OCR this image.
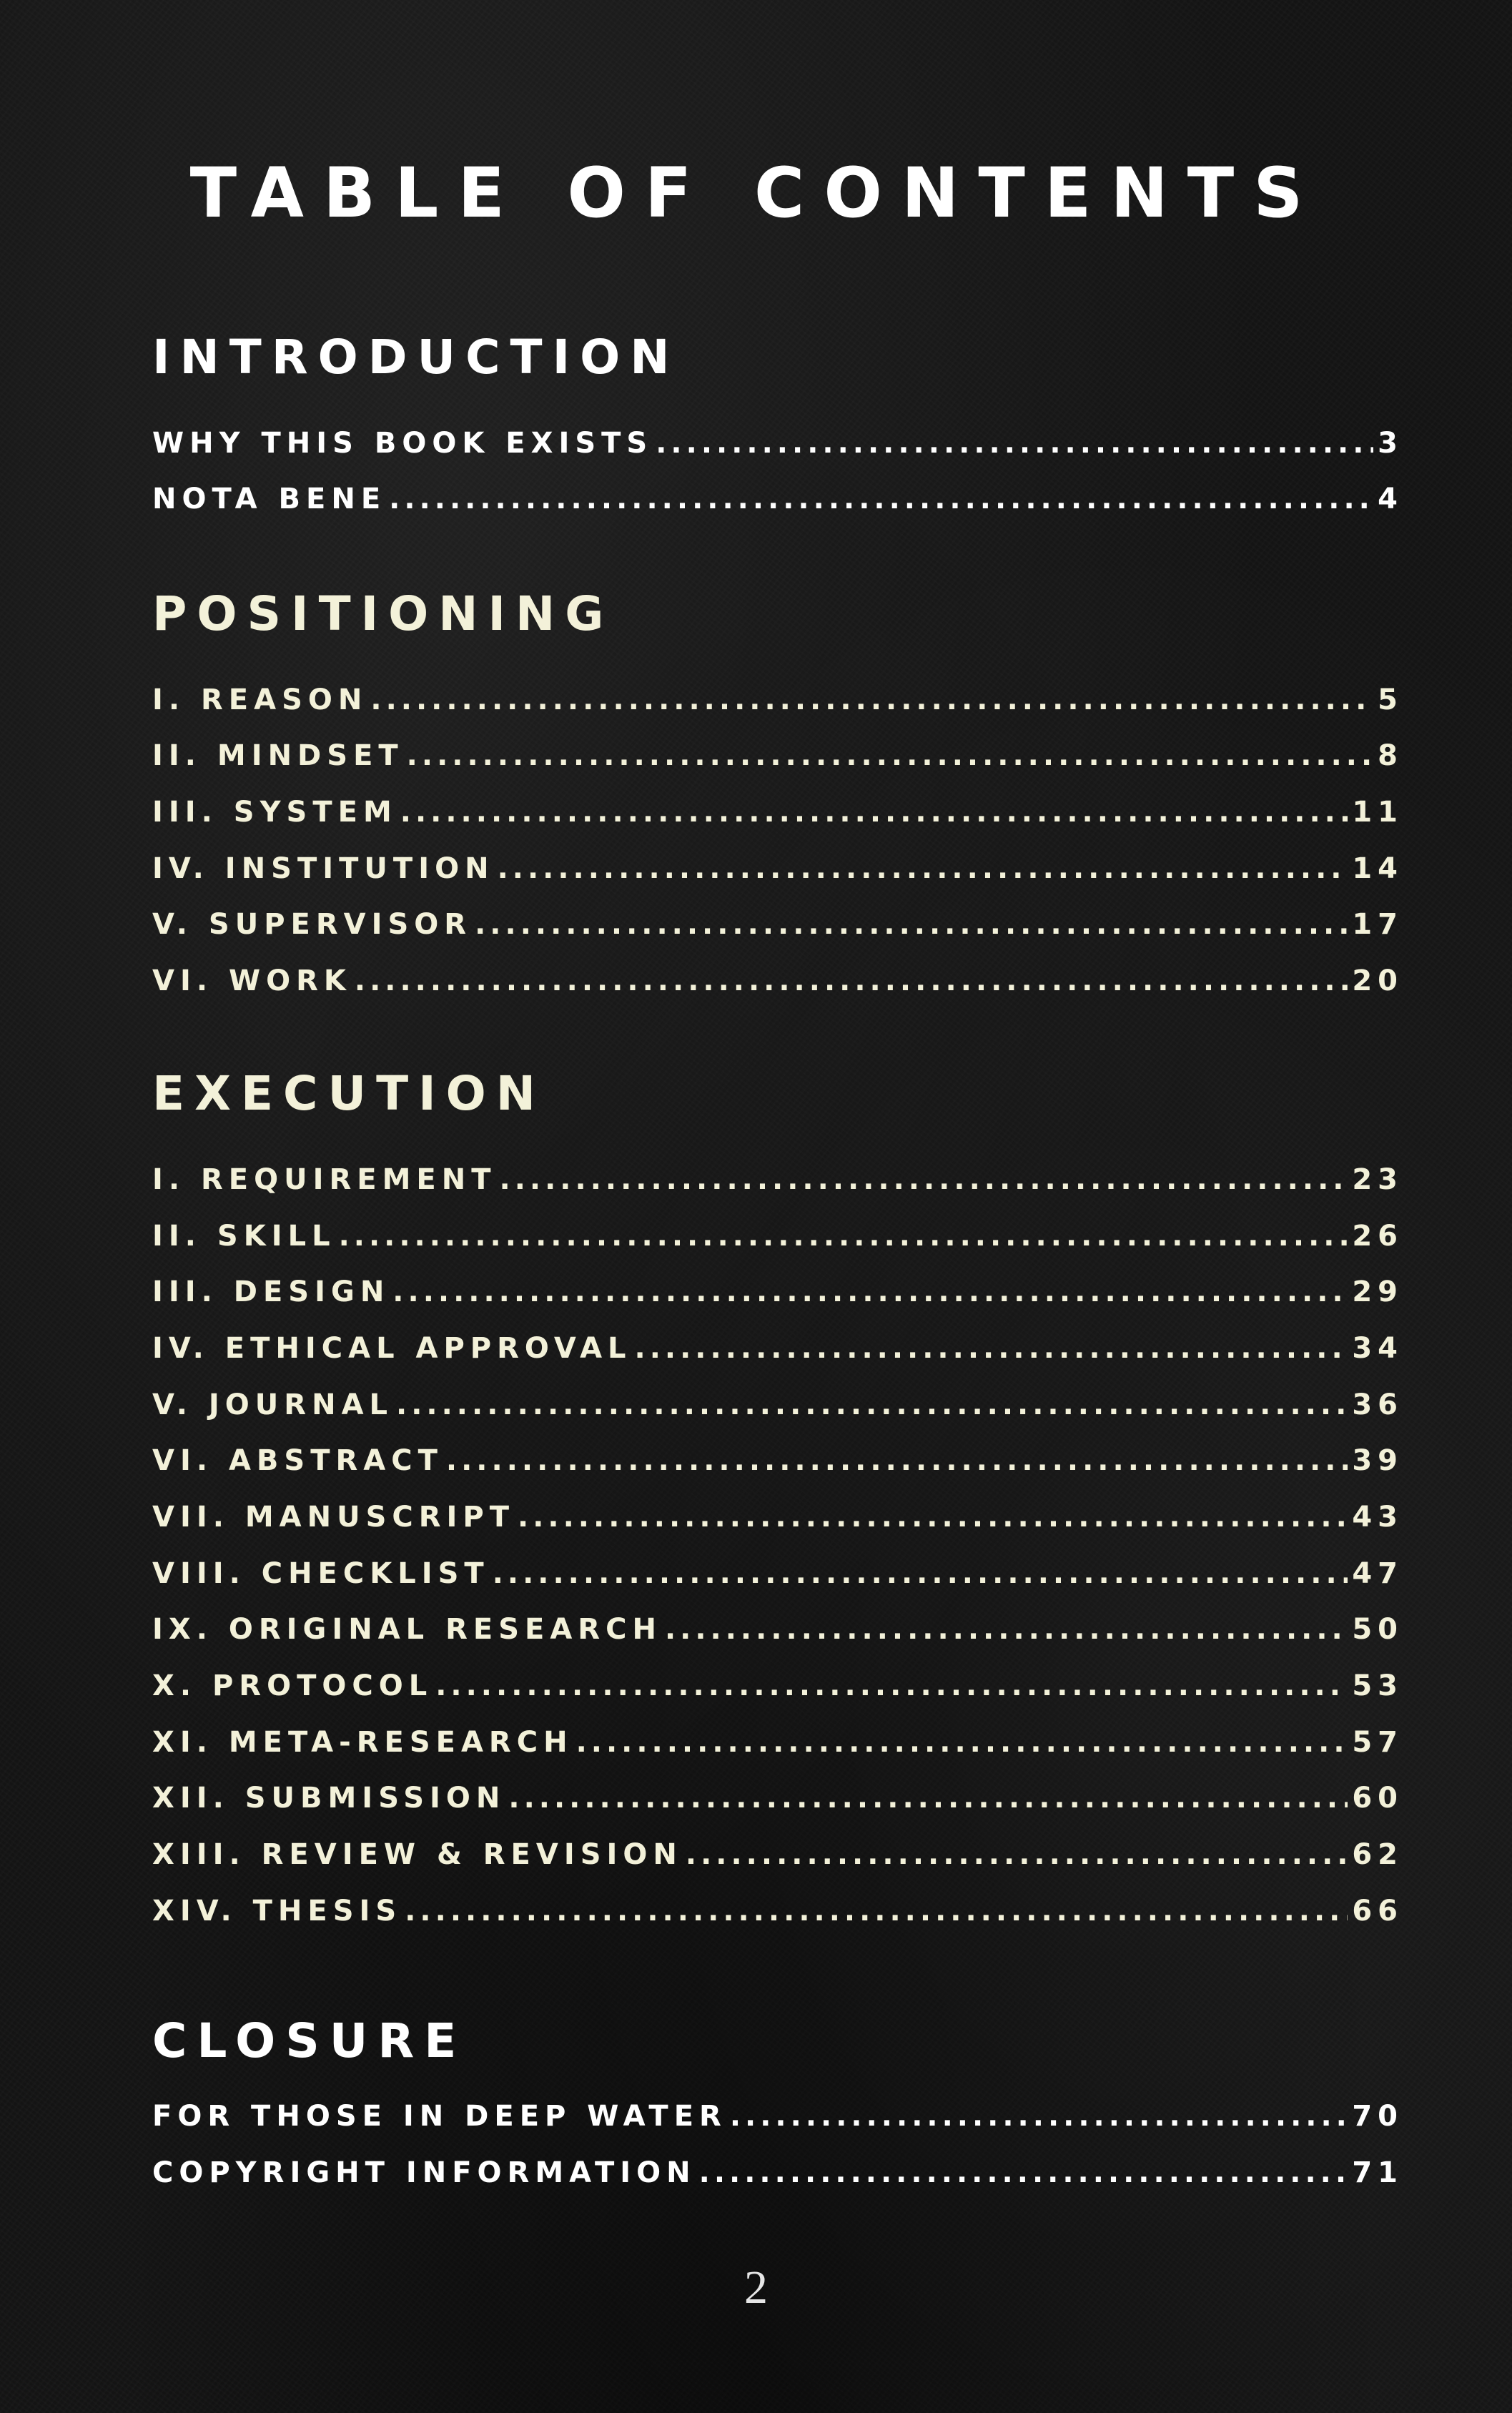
TABLE OF CONTENTS
INTRODUCTION
WHY THIS BOOK EXISTS .....	3
NOTA BENE .....	4
POSITIONING
I. REASON .....	5
II. MINDSET .....	8
III. SYSTEM .....	11
IV. INSTITUTION .....	14
V. SUPERVISOR .....	17
VI. WORK .....	20
EXECUTION
I. REQUIREMENT .....	23
II. SKILL .....	26
III. DESIGN .....	29
IV. ETHICAL APPROVAL .....	34
V. JOURNAL .....	36
VI. ABSTRACT .....	39
VII. MANUSCRIPT .....	43
VIII. CHECKLIST .....	47
IX. ORIGINAL RESEARCH .....	50
X. PROTOCOL .....	53
XI. META-RESEARCH .....	57
XII. SUBMISSION .....	60
XIII. REVIEW & REVISION .....	62
XIV. THESIS .....	66
CLOSURE
FOR THOSE IN DEEP WATER .....	70
COPYRIGHT INFORMATION .....	71
2
